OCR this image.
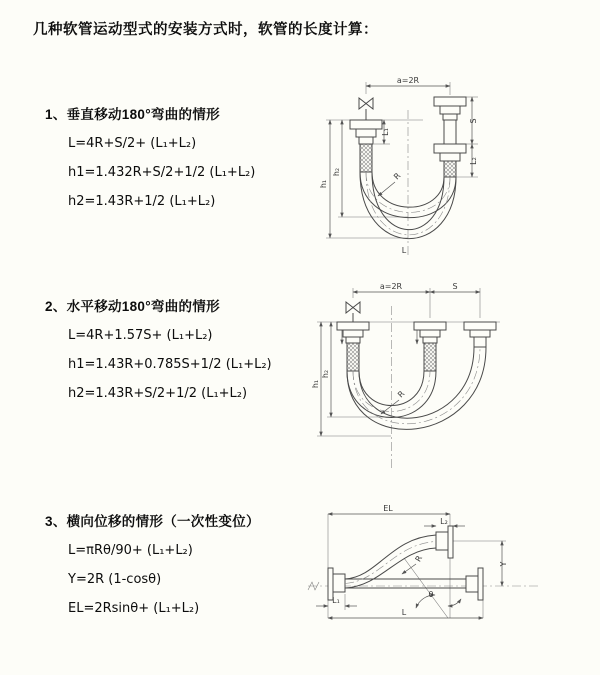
几种软管运动型式的安装方式时，软管的长度计算：
1、垂直移动180°弯曲的情形
L=4R+S/2+ (L₁+L₂)
h1=1.432R+S/2+1/2 (L₁+L₂)
h2=1.43R+1/2 (L₁+L₂)
2、水平移动180°弯曲的情形
L=4R+1.57S+ (L₁+L₂)
h1=1.43R+0.785S+1/2 (L₁+L₂)
h2=1.43R+S/2+1/2 (L₁+L₂)
3、横向位移的情形（一次性变位）
L=πRθ/90+ (L₁+L₂)
Y=2R (1-cosθ)
EL=2Rsinθ+ (L₁+L₂)
a=2R
S
L₂
L₁
h₁
h₂	R
L
a=2R	S
h₁
h₂
R
EL
L₂
Y
R
θ
L₁
L
